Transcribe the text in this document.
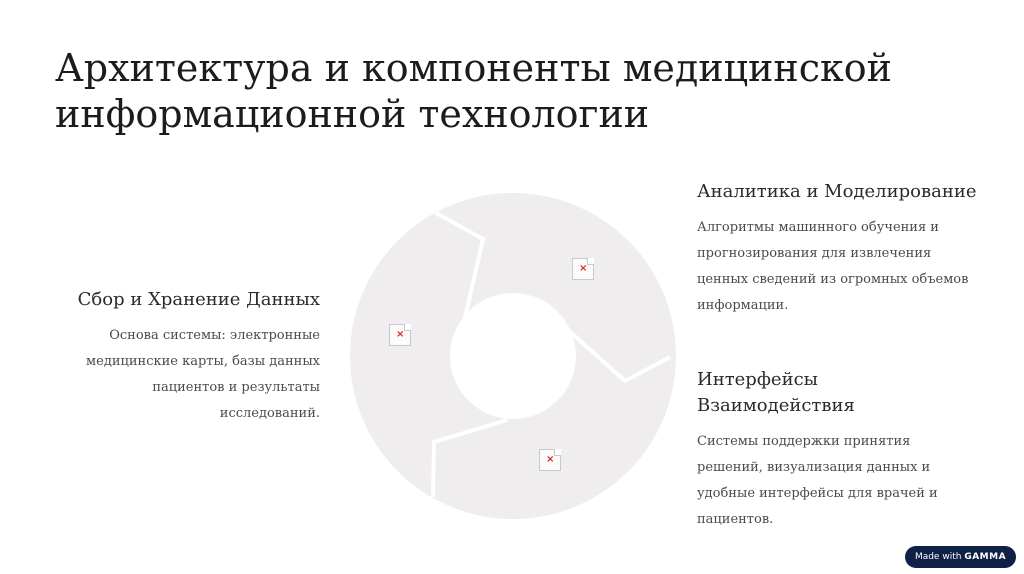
Архитектура и компоненты медицинской
информационной технологии
Сбор и Хранение Данных

Основа системы: электронные медицинские карты, базы данных пациентов и результаты исследований.

Аналитика и Моделирование

Алгоритмы машинного обучения и прогнозирования для извлечения ценных сведений из огромных объемов информации.

Интерфейсы Взаимодействия

Системы поддержки принятия решений, визуализация данных и удобные интерфейсы для врачей и пациентов.

×
×
×
Made with GAMMA
